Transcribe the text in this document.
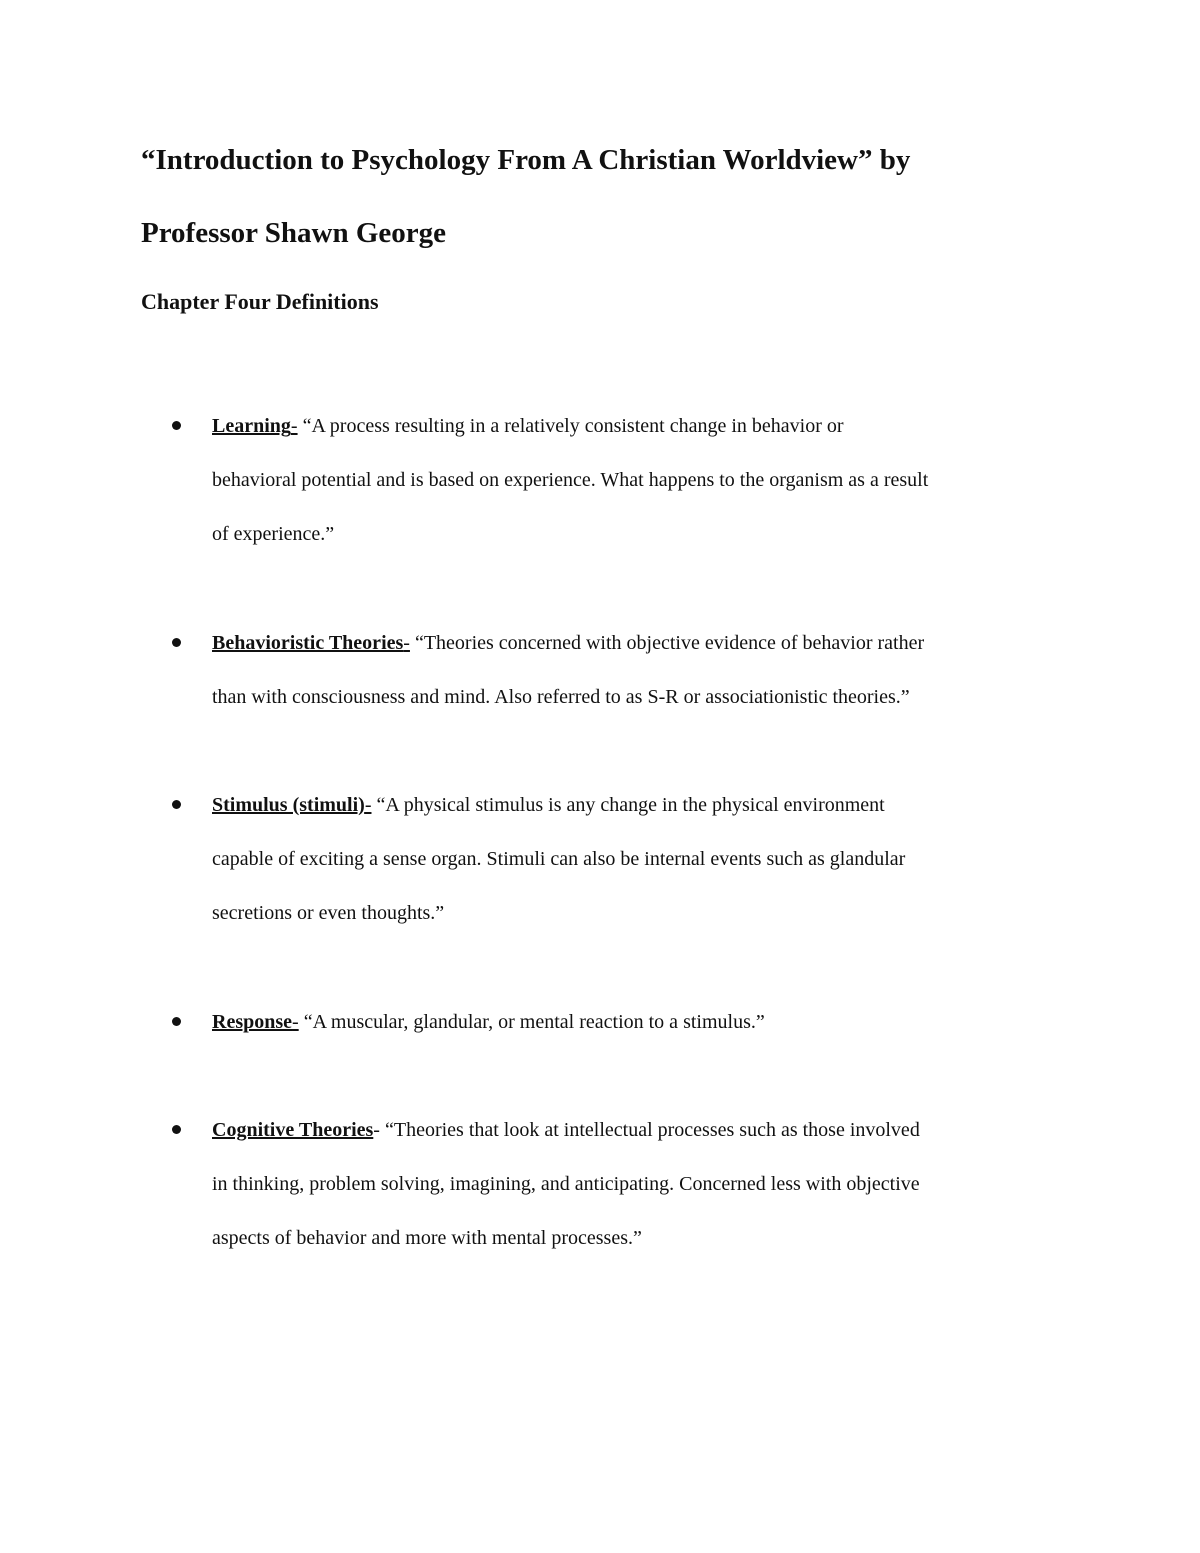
“Introduction to Psychology From A Christian Worldview” by
Professor Shawn George
Chapter Four Definitions
Learning- “A process resulting in a relatively consistent change in behavior or
behavioral potential and is based on experience. What happens to the organism as a result
of experience.”
Behavioristic Theories- “Theories concerned with objective evidence of behavior rather
than with consciousness and mind. Also referred to as S-R or associationistic theories.”
Stimulus (stimuli)- “A physical stimulus is any change in the physical environment
capable of exciting a sense organ. Stimuli can also be internal events such as glandular
secretions or even thoughts.”
Response- “A muscular, glandular, or mental reaction to a stimulus.”
Cognitive Theories- “Theories that look at intellectual processes such as those involved
in thinking, problem solving, imagining, and anticipating. Concerned less with objective
aspects of behavior and more with mental processes.”
